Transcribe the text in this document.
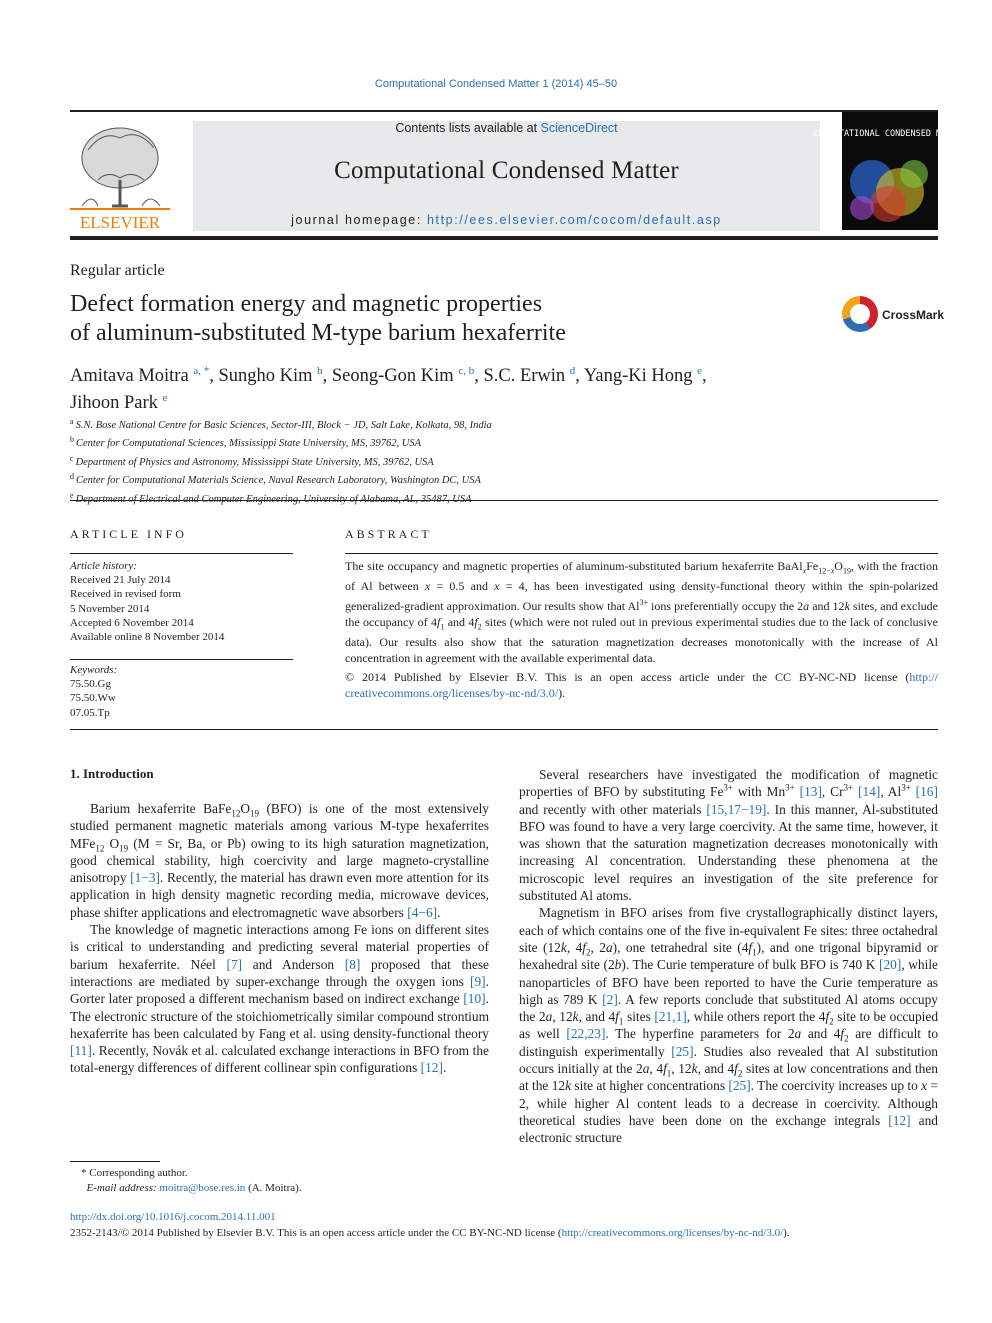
Computational Condensed Matter 1 (2014) 45–50
ELSEVIER
Contents lists available at ScienceDirect
Computational Condensed Matter
journal homepage: http://ees.elsevier.com/cocom/default.asp
COMPUTATIONAL CONDENSED MATTER
Regular article
Defect formation energy and magnetic properties
of aluminum-substituted M-type barium hexaferrite
CrossMark
Amitava Moitra $^{a, *}$, Sungho Kim $^b$, Seong-Gon Kim $^{c, b}$, S.C. Erwin $^d$, Yang-Ki Hong $^e$,
Jihoon Park $^e$
$^a$ S.N. Bose National Centre for Basic Sciences, Sector-III, Block − JD, Salt Lake, Kolkata, 98, India
$^b$ Center for Computational Sciences, Mississippi State University, MS, 39762, USA
$^c$ Department of Physics and Astronomy, Mississippi State University, MS, 39762, USA
$^d$ Center for Computational Materials Science, Naval Research Laboratory, Washington DC, USA
$^e$
ARTICLE INFO
Article history:
Received 21 July 2014
Received in revised form
5 November 2014
Accepted 6 November 2014
Available online 8 November 2014
Keywords:
75.50.Gg
75.50.Ww
07.05.Tp
ABSTRACT
The site occupancy and magnetic properties of aluminum-substituted barium hexaferrite $BaAl_xFe_{12-x}O_{19}$, with the fraction of Al between x = 0.5 and x = 4, has been investigated using density-functional theory within the spin-polarized generalized-gradient approximation. Our results show that $Al^{3+}$ ions preferentially occupy the 2a and 12k sites, and exclude the occupancy of $4f_1$ and $4f_2$ sites (which were not ruled out in previous experimental studies due to the lack of conclusive data). Our results also show that the saturation magnetization decreases monotonically with the increase of Al concentration in agreement with the available experimental data.
© 2014 Published by Elsevier B.V. This is an open access article under the CC BY-NC-ND license (http:// creativecommons.org/licenses/by-nc-nd/3.0/).
1. Introduction

Barium hexaferrite $BaFe_{12}O_{19}$ (BFO) is one of the most extensively studied permanent magnetic materials among various M-type hexaferrites MFe$_{12}$ $O_{19}$ (M = Sr, Ba, or Pb) owing to its high saturation magnetization, good chemical stability, high coercivity and large magneto-crystalline anisotropy [1−3]. Recently, the material has drawn even more attention for its application in high density magnetic recording media, microwave devices, phase shifter applications and electromagnetic wave absorbers [4−6].

The knowledge of magnetic interactions among Fe ions on different sites is critical to understanding and predicting several material properties of barium hexaferrite. Néel [7] and Anderson [8] proposed that these interactions are mediated by super-exchange through the oxygen ions [9]. Gorter later proposed a different mechanism based on indirect exchange [10]. The electronic structure of the stoichiometrically similar compound strontium hexaferrite has been calculated by Fang et al. using density-functional theory [11]. Recently, Novák et al. calculated exchange interactions in BFO from the total-energy differences of different collinear spin configurations [12].

Several researchers have investigated the modification of magnetic properties of BFO by substituting $Fe^{3+}$ with $Mn^{3+}$ [13], $Cr^{3+}$ [14], $Al^{3+}$ [16] and recently with other materials [15,17−19]. In this manner, Al-substituted BFO was found to have a very large coercivity. At the same time, however, it was shown that the saturation magnetization decreases monotonically with increasing Al concentration. Understanding these phenomena at the microscopic level requires an investigation of the site preference for substituted Al atoms.

Magnetism in BFO arises from five crystallographically distinct layers, each of which contains one of the five in-equivalent Fe sites: three octahedral site (12k, $4f_2$, 2a), one tetrahedral site $(4f_1)$, and one trigonal bipyramid or hexahedral site (2b). The Curie temperature of bulk BFO is 740 K [20], while nanoparticles of BFO have been reported to have the Curie temperature as high as 789 K [2]. A few reports conclude that substituted Al atoms occupy the 2a, 12k, and $4f_1$ sites [21,1], while others report the $4f_2$ site to be occupied as well [22,23]. The hyperfine parameters for 2a and $4f_2$ are difficult to distinguish experimentally [25]. Studies also revealed that Al substitution occurs initially at the 2a, $4f_1$, 12k, and $4f_2$ sites at low concentrations and then at the 12k site at higher concentrations [25]. The coercivity increases up to x = 2, while higher Al content leads to a decrease in coercivity. Although theoretical studies have been done on the exchange integrals [12] and electronic structure

* Corresponding author.
E-mail address: moitra@bose.res.in (A. Moitra).
http://dx.doi.org/10.1016/j.cocom.2014.11.001
2352-2143/© 2014 Published by Elsevier B.V. This is an open access article under the CC BY-NC-ND license (http://creativecommons.org/licenses/by-nc-nd/3.0/).
